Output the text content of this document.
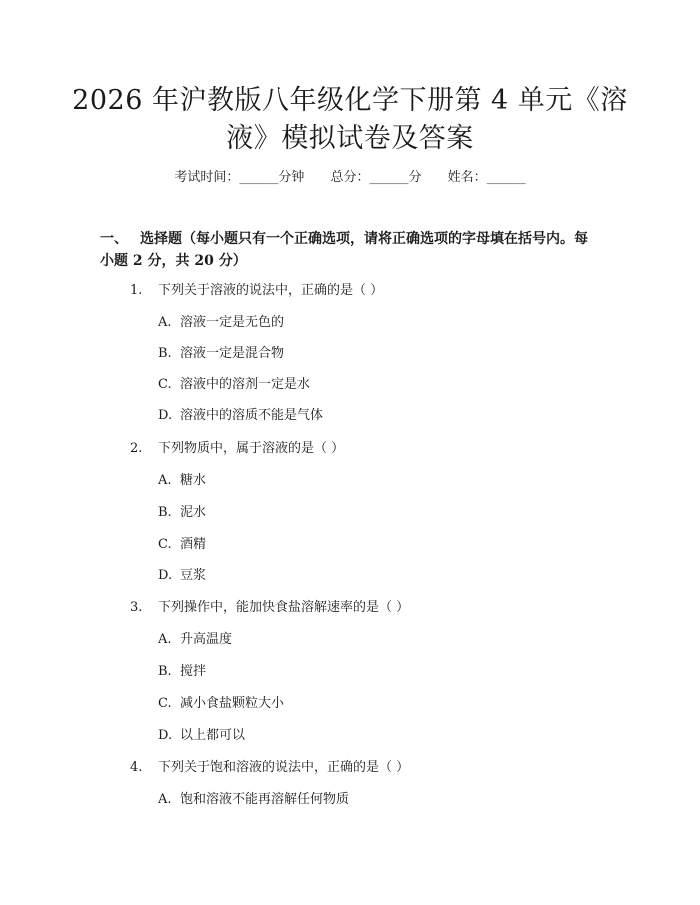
2026 年沪教版八年级化学下册第 4 单元《溶
液》模拟试卷及答案
考试时间：______分钟 总分：______分 姓名：______
一、 选择题（每小题只有一个正确选项，请将正确选项的字母填在括号内。每小题 2 分，共 20 分）
1. 下列关于溶液的说法中，正确的是（ ）
A. 溶液一定是无色的
B. 溶液一定是混合物
C. 溶液中的溶剂一定是水
D. 溶液中的溶质不能是气体
2. 下列物质中，属于溶液的是（ ）
A. 糖水
B. 泥水
C. 酒精
D. 豆浆
3. 下列操作中，能加快食盐溶解速率的是（ ）
A. 升高温度
B. 搅拌
C. 减小食盐颗粒大小
D. 以上都可以
4. 下列关于饱和溶液的说法中，正确的是（ ）
A. 饱和溶液不能再溶解任何物质
